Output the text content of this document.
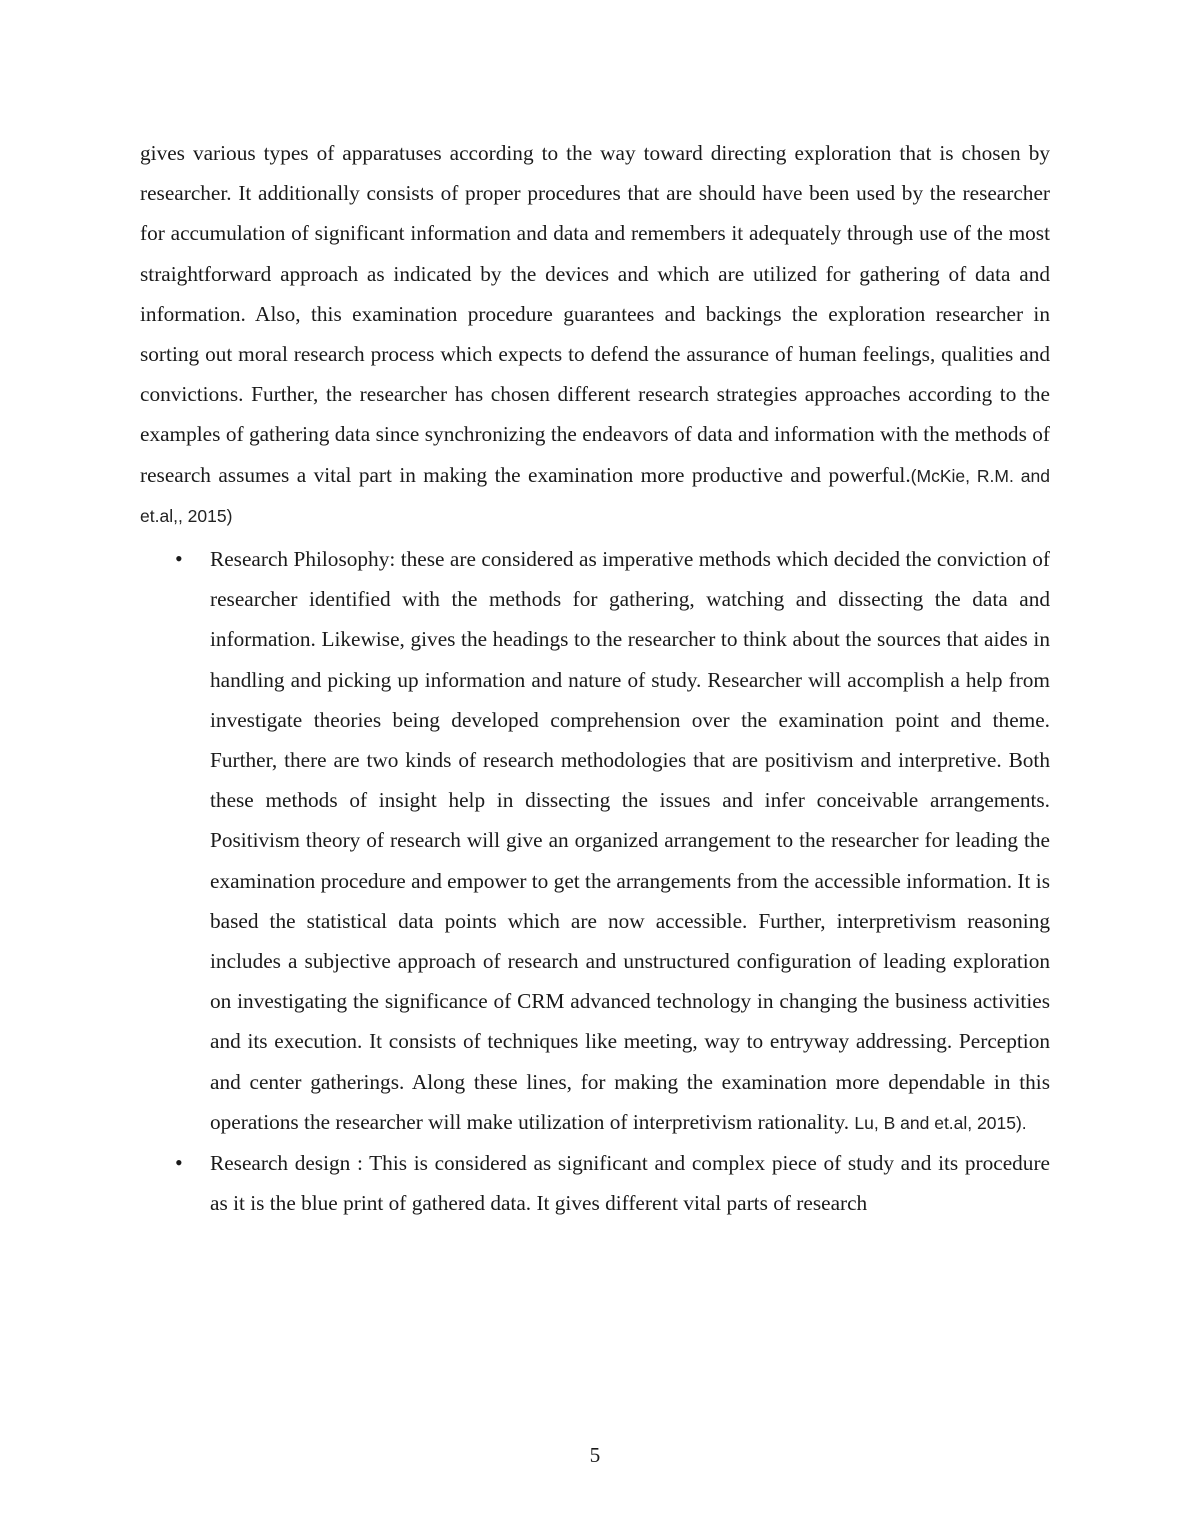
gives various types of apparatuses according to the way toward directing exploration that is chosen by researcher. It additionally consists of proper procedures that are should have been used by the researcher for accumulation of significant information and data and remembers it adequately through use of the most straightforward approach as indicated by the devices and which are utilized for gathering of data and information. Also, this examination procedure guarantees and backings the exploration researcher in sorting out moral research process which expects to defend the assurance of human feelings, qualities and convictions. Further, the researcher has chosen different research strategies approaches according to the examples of gathering data since synchronizing the endeavors of data and information with the methods of research assumes a vital part in making the examination more productive and powerful.(McKie, R.M. and et.al,, 2015)

• Research Philosophy: these are considered as imperative methods which decided the conviction of researcher identified with the methods for gathering, watching and dissecting the data and information. Likewise, gives the headings to the researcher to think about the sources that aides in handling and picking up information and nature of study. Researcher will accomplish a help from investigate theories being developed comprehension over the examination point and theme. Further, there are two kinds of research methodologies that are positivism and interpretive. Both these methods of insight help in dissecting the issues and infer conceivable arrangements. Positivism theory of research will give an organized arrangement to the researcher for leading the examination procedure and empower to get the arrangements from the accessible information. It is based the statistical data points which are now accessible. Further, interpretivism reasoning includes a subjective approach of research and unstructured configuration of leading exploration on investigating the significance of CRM advanced technology in changing the business activities and its execution. It consists of techniques like meeting, way to entryway addressing. Perception and center gatherings. Along these lines, for making the examination more dependable in this operations the researcher will make utilization of interpretivism rationality. Lu, B and et.al, 2015).
• Research design : This is considered as significant and complex piece of study and its procedure as it is the blue print of gathered data. It gives different vital parts of research
5
